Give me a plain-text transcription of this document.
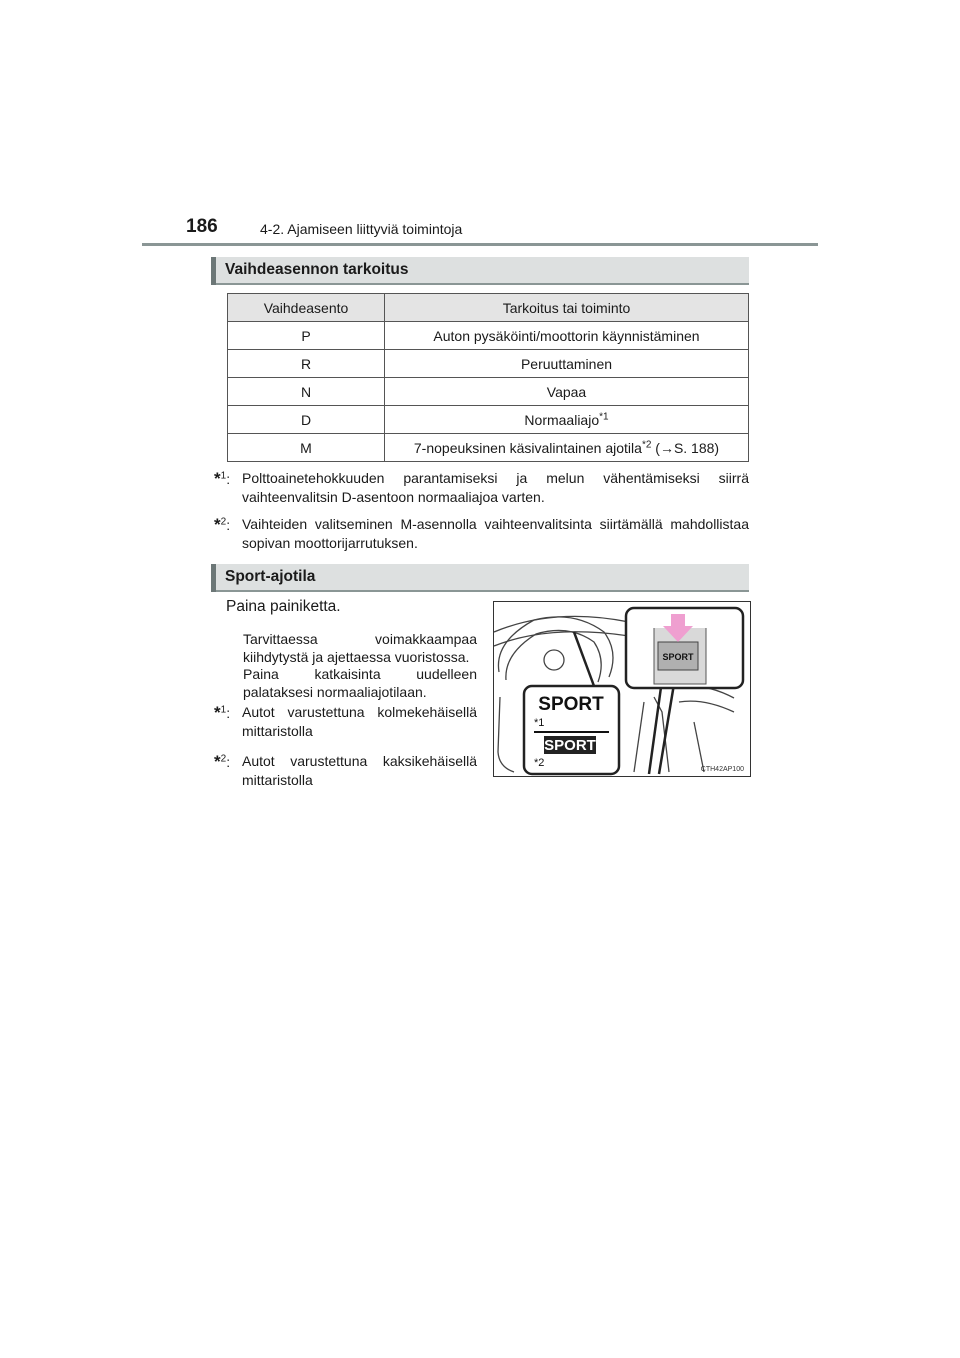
186	4-2. Ajamiseen liittyviä toimintoja
Vaihdeasennon tarkoitus
Vaihdeasento	Tarkoitus tai toiminto
P	Auton pysäköinti/moottorin käynnistäminen
R	Peruuttaminen
N	Vapaa
D	Normaaliajo$^{*1}$
M	7-nopeuksinen käsivalintainen ajotila$^{*2}$ (→S. 188)
*$^1$: Polttoainetehokkuuden parantamiseksi ja melun vähentämiseksi siirrä vaihteenvalitsin D-asentoon normaaliajoa varten.
*$^2$: Vaihteiden valitseminen M-asennolla vaihteenvalitsinta siirtämällä mahdollistaa sopivan moottorijarrutuksen.
Sport-ajotila
Paina painiketta.
Tarvittaessa voimakkaampaa kiihdytystä ja ajettaessa vuoristossa.
Paina katkaisinta uudelleen palataksesi normaaliajotilaan.
*$^1$: Autot varustettuna kolmekehäisellä mittaristolla
*$^2$: Autot varustettuna kaksikehäisellä mittaristolla
SPORT
SPORT
*1
SPORT
*2
CTH42AP100
